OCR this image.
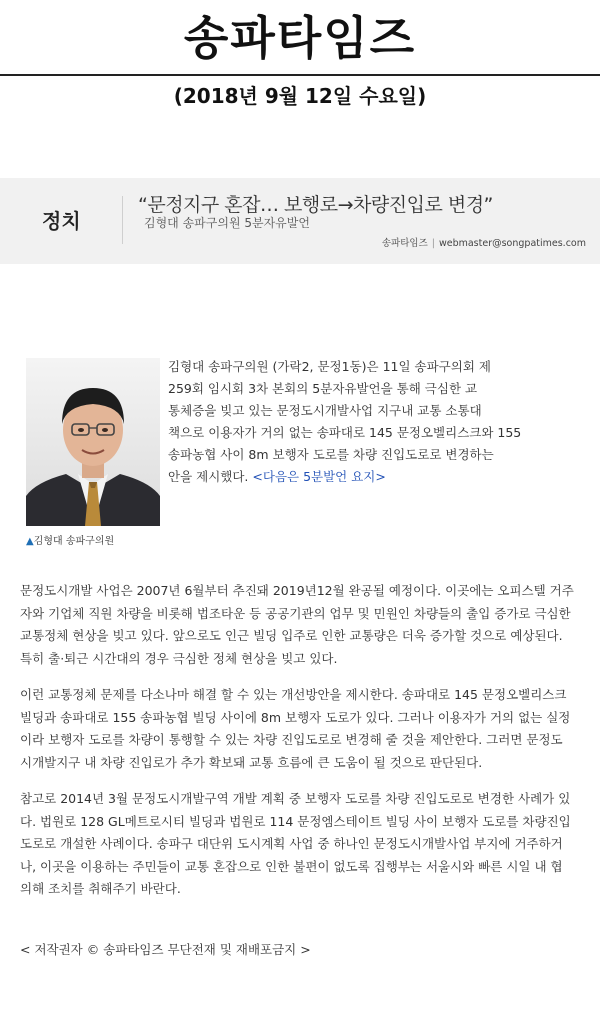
송파타임즈
(2018년 9월 12일 수요일)
정치
“문정지구 혼잡… 보행로→차량진입로 변경”
김형대 송파구의원 5분자유발언
송파타임즈 | webmaster@songpatimes.com
▲김형대 송파구의원
김형대 송파구의원 (가락2, 문정1동)은 11일 송파구의회 제
259회 임시회 3차 본회의 5분자유발언을 통해 극심한 교
통체증을 빚고 있는 문정도시개발사업 지구내 교통 소통대
책으로 이용자가 거의 없는 송파대로 145 문정오벨리스크와 155
송파농협 사이 8m 보행자 도로를 차량 진입도로로 변경하는
안을 제시했다. <다음은 5분발언 요지>

문정도시개발 사업은 2007년 6월부터 추진돼 2019년12월 완공될 예정이다. 이곳에는 오피스텔 거주
자와 기업체 직원 차량을 비롯해 법조타운 등 공공기관의 업무 및 민원인 차량들의 출입 증가로 극심한
교통정체 현상을 빚고 있다. 앞으로도 인근 빌딩 입주로 인한 교통량은 더욱 증가할 것으로 예상된다.
특히 출·퇴근 시간대의 경우 극심한 정체 현상을 빚고 있다.

이런 교통정체 문제를 다소나마 해결 할 수 있는 개선방안을 제시한다. 송파대로 145 문정오벨리스크
빌딩과 송파대로 155 송파농협 빌딩 사이에 8m 보행자 도로가 있다. 그러나 이용자가 거의 없는 실정
이라 보행자 도로를 차량이 통행할 수 있는 차량 진입도로로 변경해 줄 것을 제안한다. 그러면 문정도
시개발지구 내 차량 진입로가 추가 확보돼 교통 흐름에 큰 도움이 될 것으로 판단된다.

참고로 2014년 3월 문정도시개발구역 개발 계획 중 보행자 도로를 차량 진입도로로 변경한 사례가 있
다. 법원로 128 GL메트로시티 빌딩과 법원로 114 문정엠스테이트 빌딩 사이 보행자 도로를 차량진입
도로로 개설한 사례이다. 송파구 대단위 도시계획 사업 중 하나인 문정도시개발사업 부지에 거주하거
나, 이곳을 이용하는 주민들이 교통 혼잡으로 인한 불편이 없도록 집행부는 서울시와 빠른 시일 내 협
의해 조치를 취해주기 바란다.

< 저작권자 © 송파타임즈 무단전재 및 재배포금지 >
